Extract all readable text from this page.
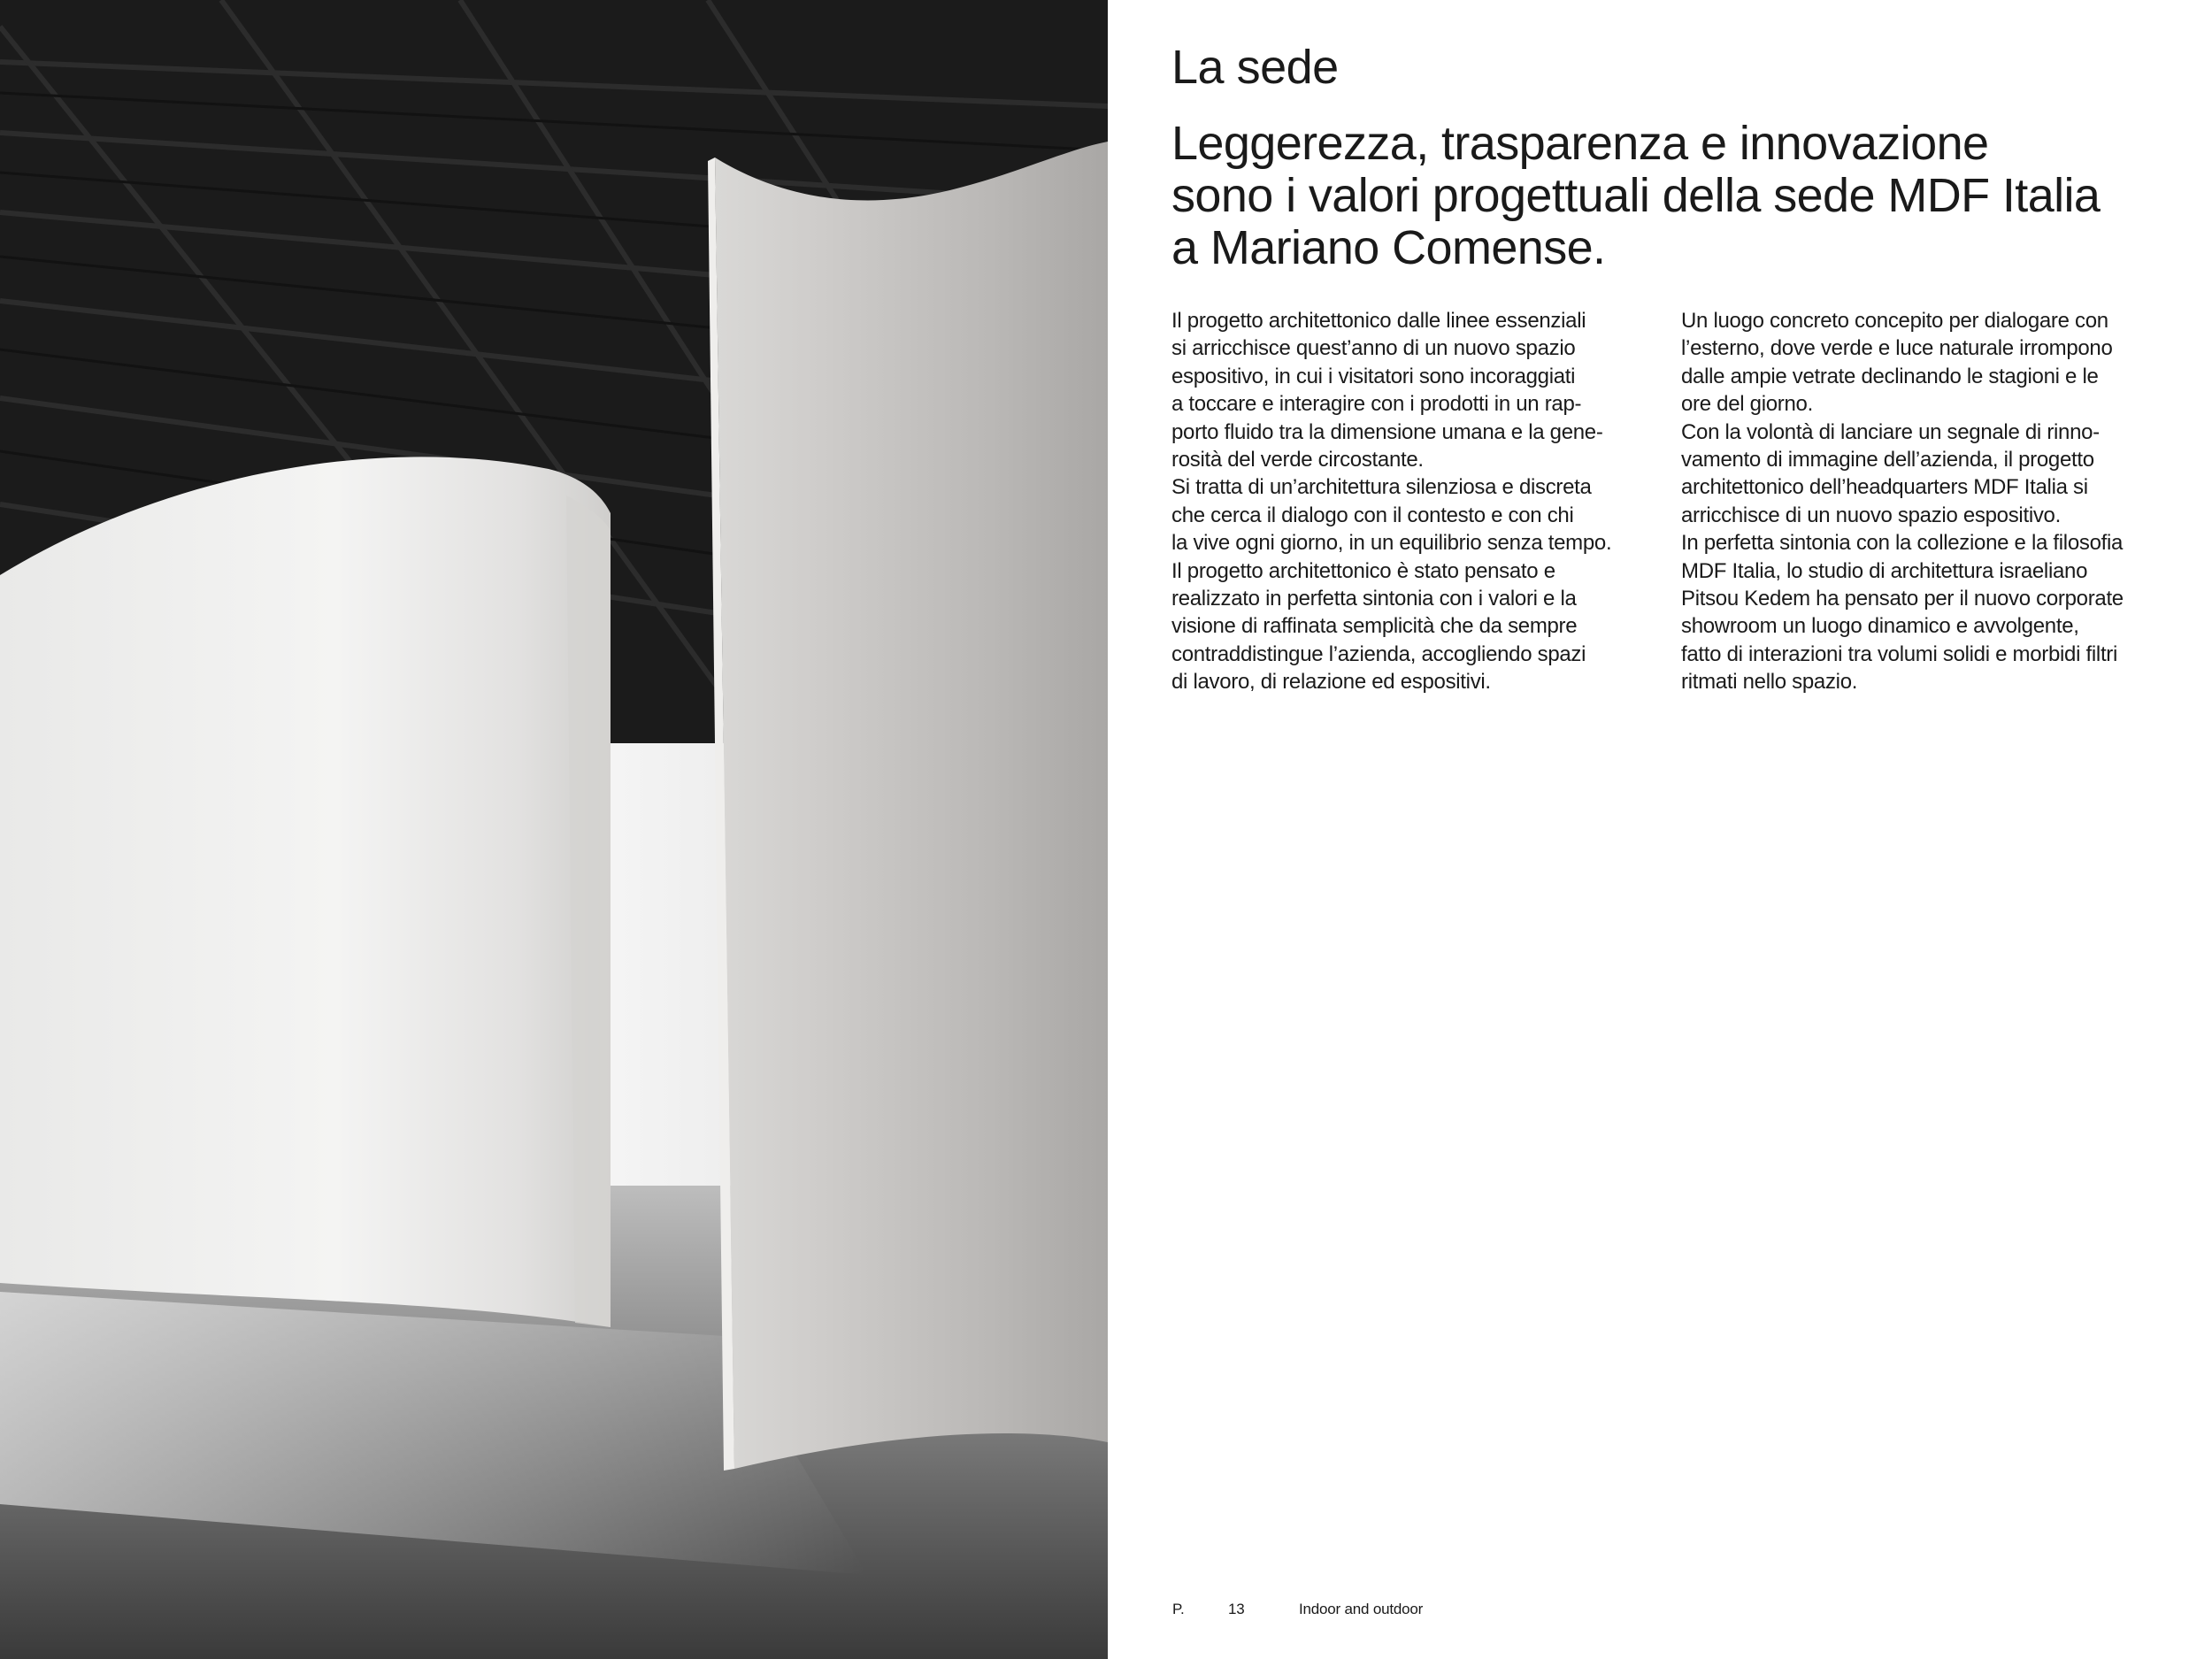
La sede
Leggerezza, trasparenza e innovazione
sono i valori progettuali della sede MDF Italia
a Mariano Comense.
Il progetto architettonico dalle linee essenziali
si arricchisce quest’anno di un nuovo spazio
espositivo, in cui i visitatori sono incoraggiati
a toccare e interagire con i prodotti in un rap-
porto fluido tra la dimensione umana e la gene-
rosità del verde circostante.
Si tratta di un’architettura silenziosa e discreta
che cerca il dialogo con il contesto e con chi
la vive ogni giorno, in un equilibrio senza tempo.
Il progetto architettonico è stato pensato e
realizzato in perfetta sintonia con i valori e la
visione di raffinata semplicità che da sempre
contraddistingue l’azienda, accogliendo spazi
di lavoro, di relazione ed espositivi.
Un luogo concreto concepito per dialogare con
l’esterno, dove verde e luce naturale irrompono
dalle ampie vetrate declinando le stagioni e le
ore del giorno.
Con la volontà di lanciare un segnale di rinno-
vamento di immagine dell’azienda, il progetto
architettonico dell’headquarters MDF Italia si
arricchisce di un nuovo spazio espositivo.
In perfetta sintonia con la collezione e la filosofia
MDF Italia, lo studio di architettura israeliano
Pitsou Kedem ha pensato per il nuovo corporate
showroom un luogo dinamico e avvolgente,
fatto di interazioni tra volumi solidi e morbidi filtri
ritmati nello spazio.
P.	13	Indoor and outdoor
